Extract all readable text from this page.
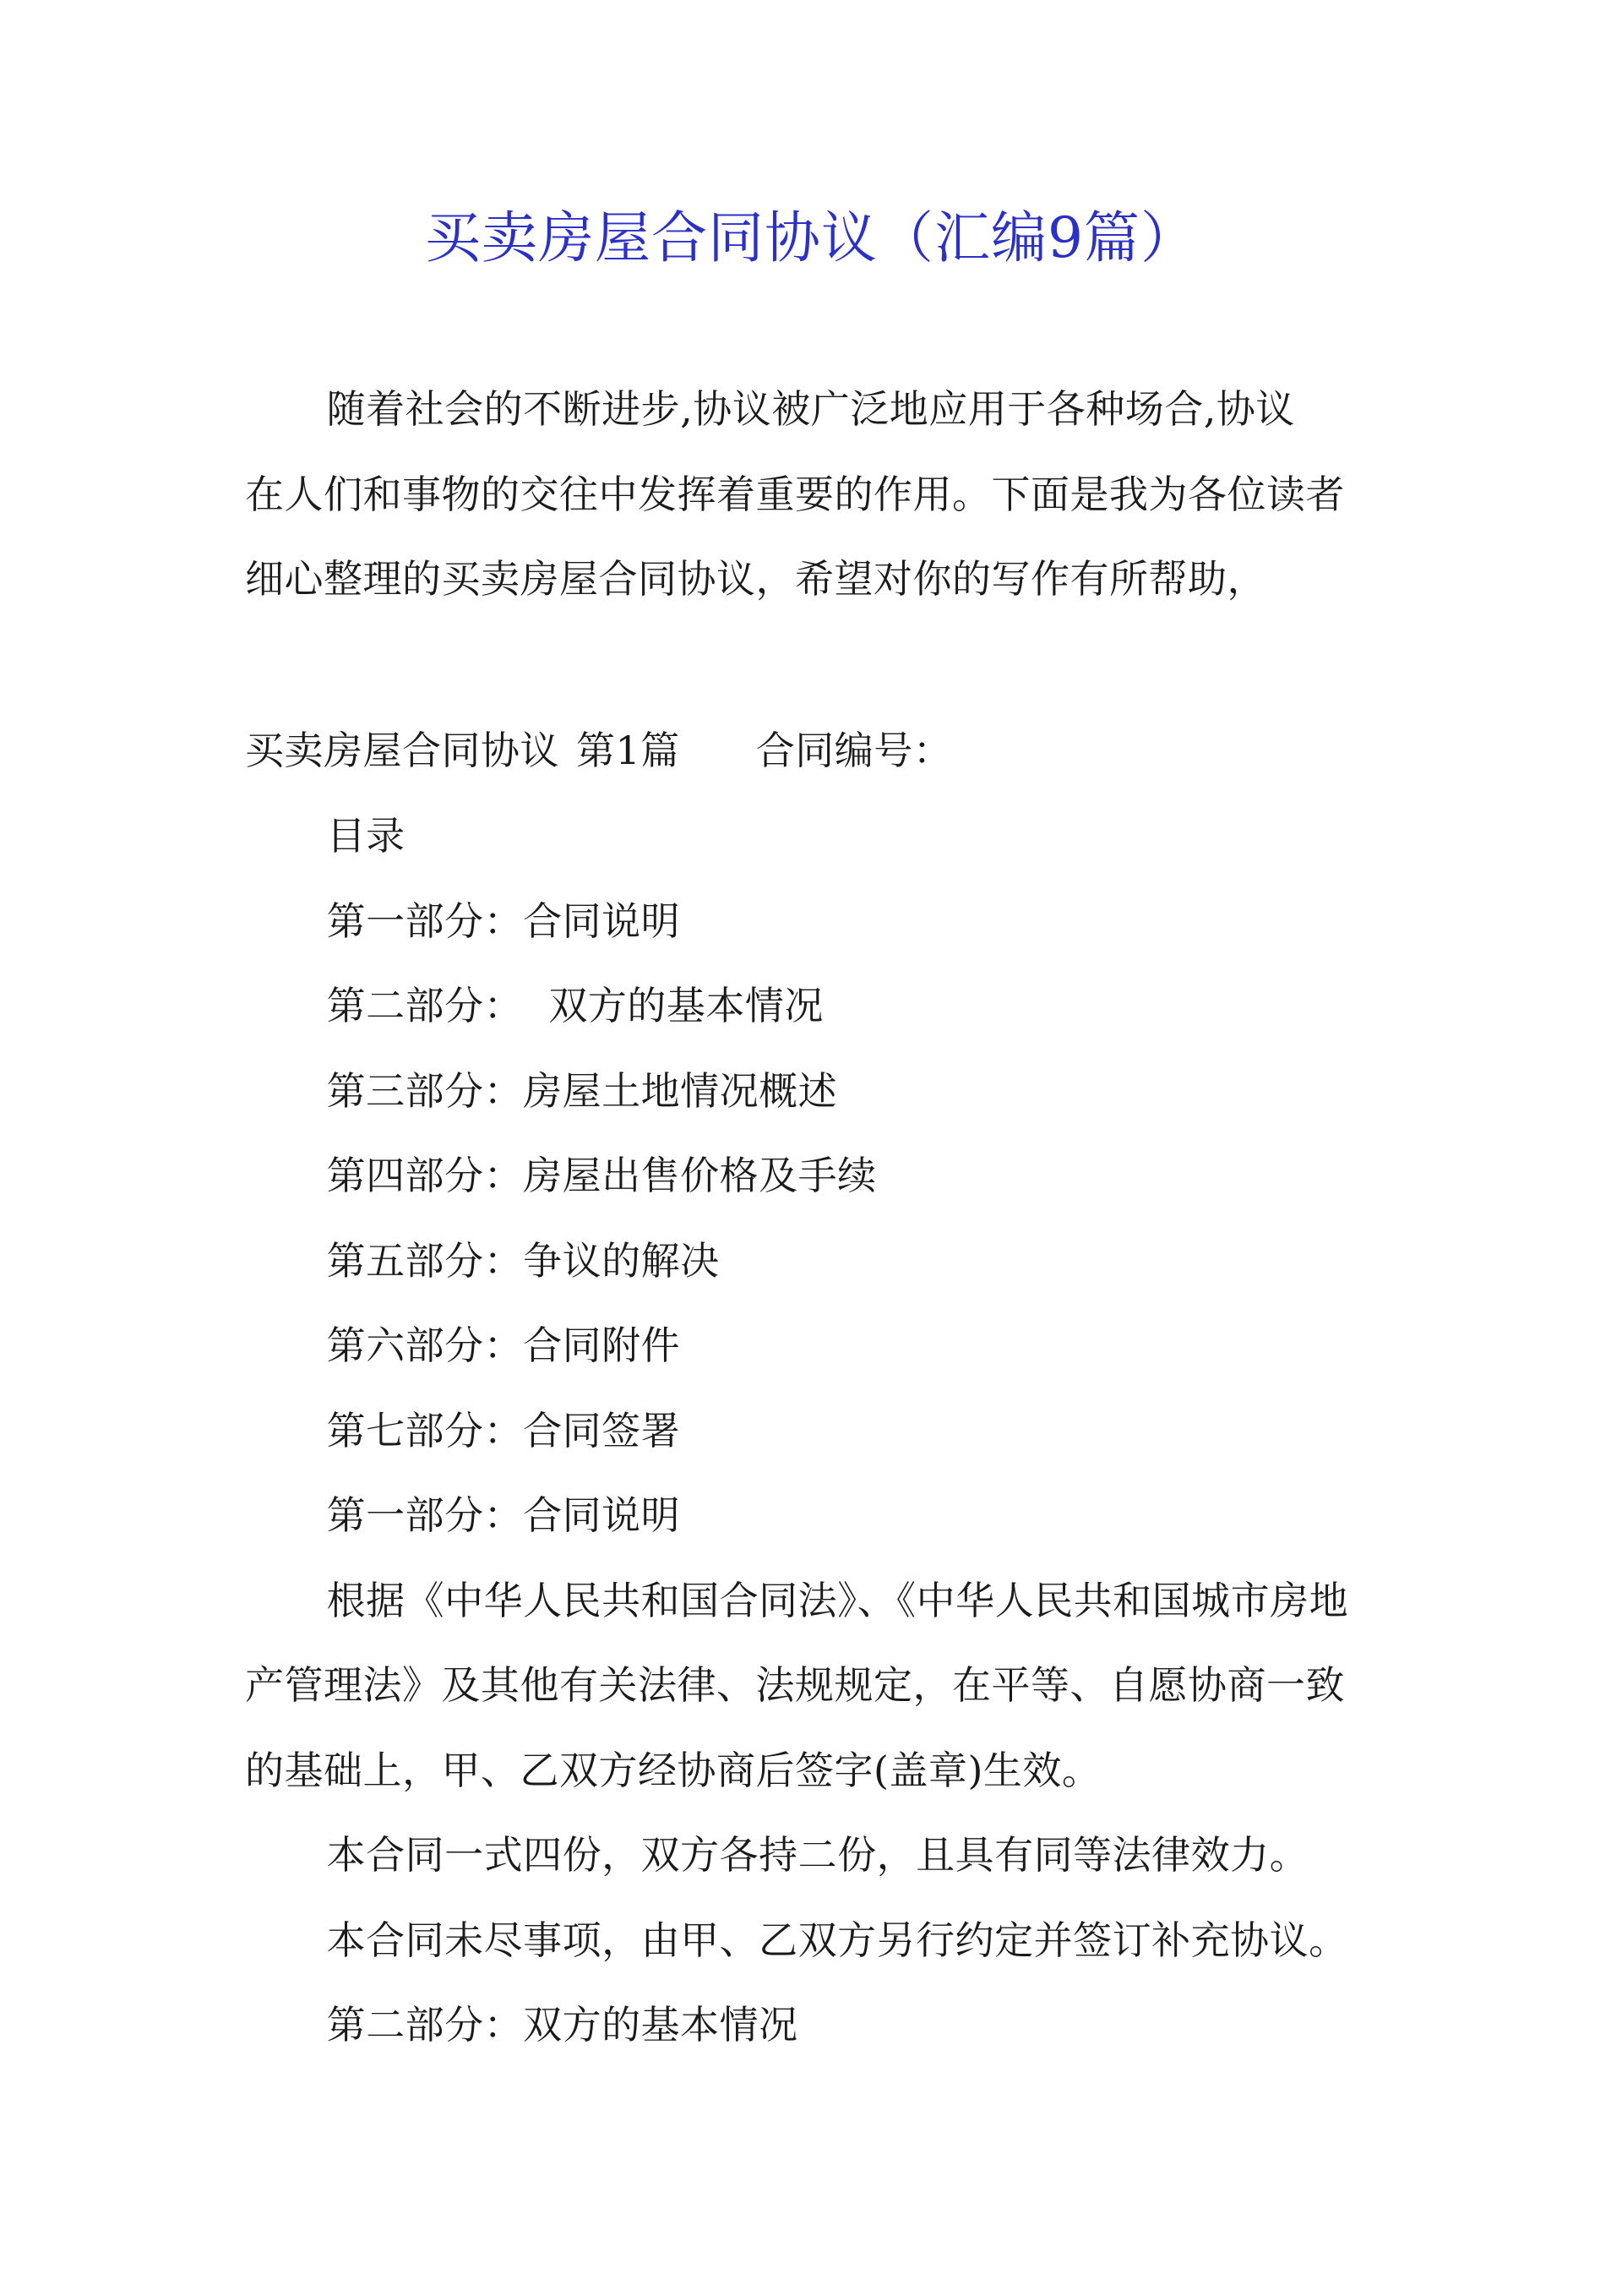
买卖房屋合同协议（汇编9篇）

随着社会的不断进步,协议被广泛地应用于各种场合,协议

在人们和事物的交往中发挥着重要的作用。下面是我为各位读者

细心整理的买卖房屋合同协议，希望对你的写作有所帮助，

买卖房屋合同协议 第1篇 合同编号：

目录

第一部分：合同说明

第二部分：  双方的基本情况

第三部分：房屋土地情况概述

第四部分：房屋出售价格及手续

第五部分：争议的解决

第六部分：合同附件

第七部分：合同签署

第一部分：合同说明

根据《中华人民共和国合同法》、《中华人民共和国城市房地

产管理法》及其他有关法律、法规规定，在平等、自愿协商一致

的基础上，甲、乙双方经协商后签字(盖章)生效。

本合同一式四份，双方各持二份，且具有同等法律效力。

本合同未尽事项，由甲、乙双方另行约定并签订补充协议。

第二部分：双方的基本情况
